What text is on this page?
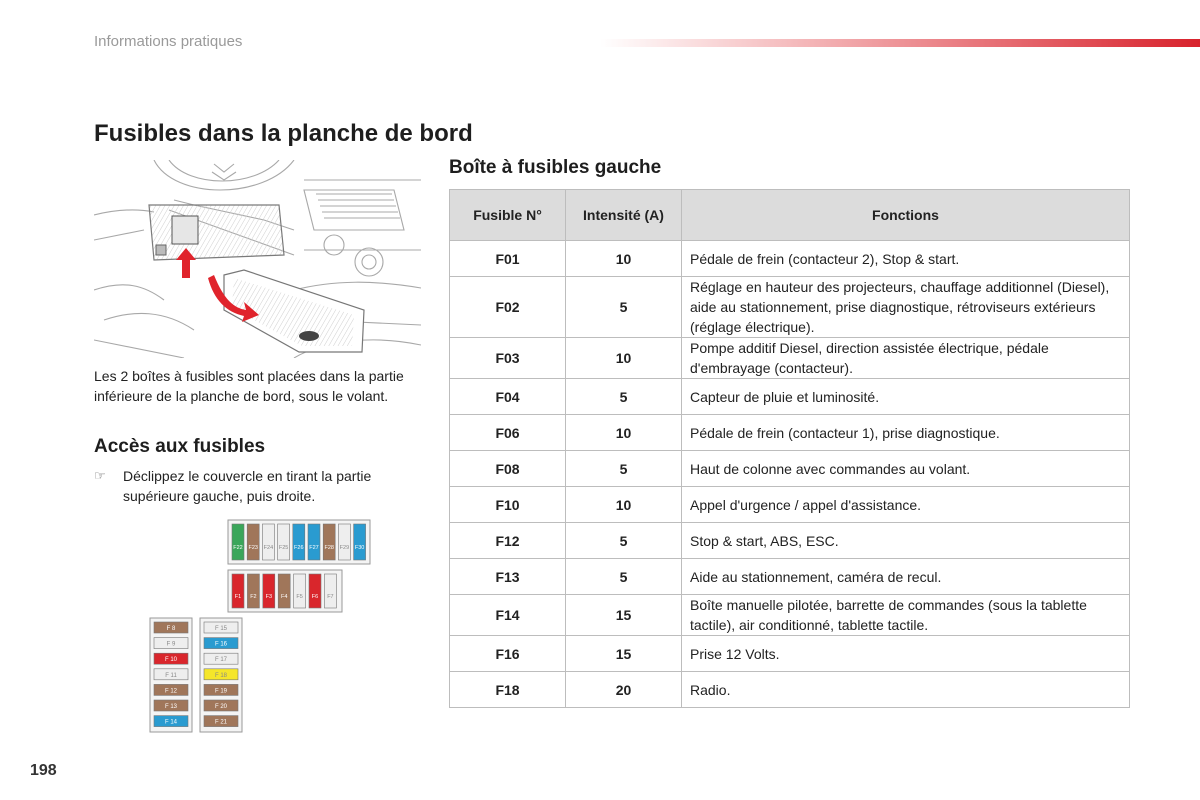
Informations pratiques
Fusibles dans la planche de bord
Les 2 boîtes à fusibles sont placées dans la partie inférieure de la planche de bord, sous le volant.
Accès aux fusibles
☞ Déclippez le couvercle en tirant la partie supérieure gauche, puis droite.
F22 F23 F24 F25 F26 F27 F28 F29 F30
F1 F2 F3 F4 F5 F6 F7
F 8
F 9
F 10
F 11
F 12
F 13
F 14
F 15
F 16
F 17
F 18
F 19
F 20
F 21
Boîte à fusibles gauche
Fusible N°	Intensité (A)	Fonctions
F01	10	Pédale de frein (contacteur 2), Stop & start.
F02	5	Réglage en hauteur des projecteurs, chauffage additionnel (Diesel), aide au stationnement, prise diagnostique, rétroviseurs extérieurs (réglage électrique).
F03	10	Pompe additif Diesel, direction assistée électrique, pédale d'embrayage (contacteur).
F04	5	Capteur de pluie et luminosité.
F06	10	Pédale de frein (contacteur 1), prise diagnostique.
F08	5	Haut de colonne avec commandes au volant.
F10	10	Appel d'urgence / appel d'assistance.
F12	5	Stop & start, ABS, ESC.
F13	5	Aide au stationnement, caméra de recul.
F14	15	Boîte manuelle pilotée, barrette de commandes (sous la tablette tactile), air conditionné, tablette tactile.
F16	15	Prise 12 Volts.
F18	20	Radio.
198
